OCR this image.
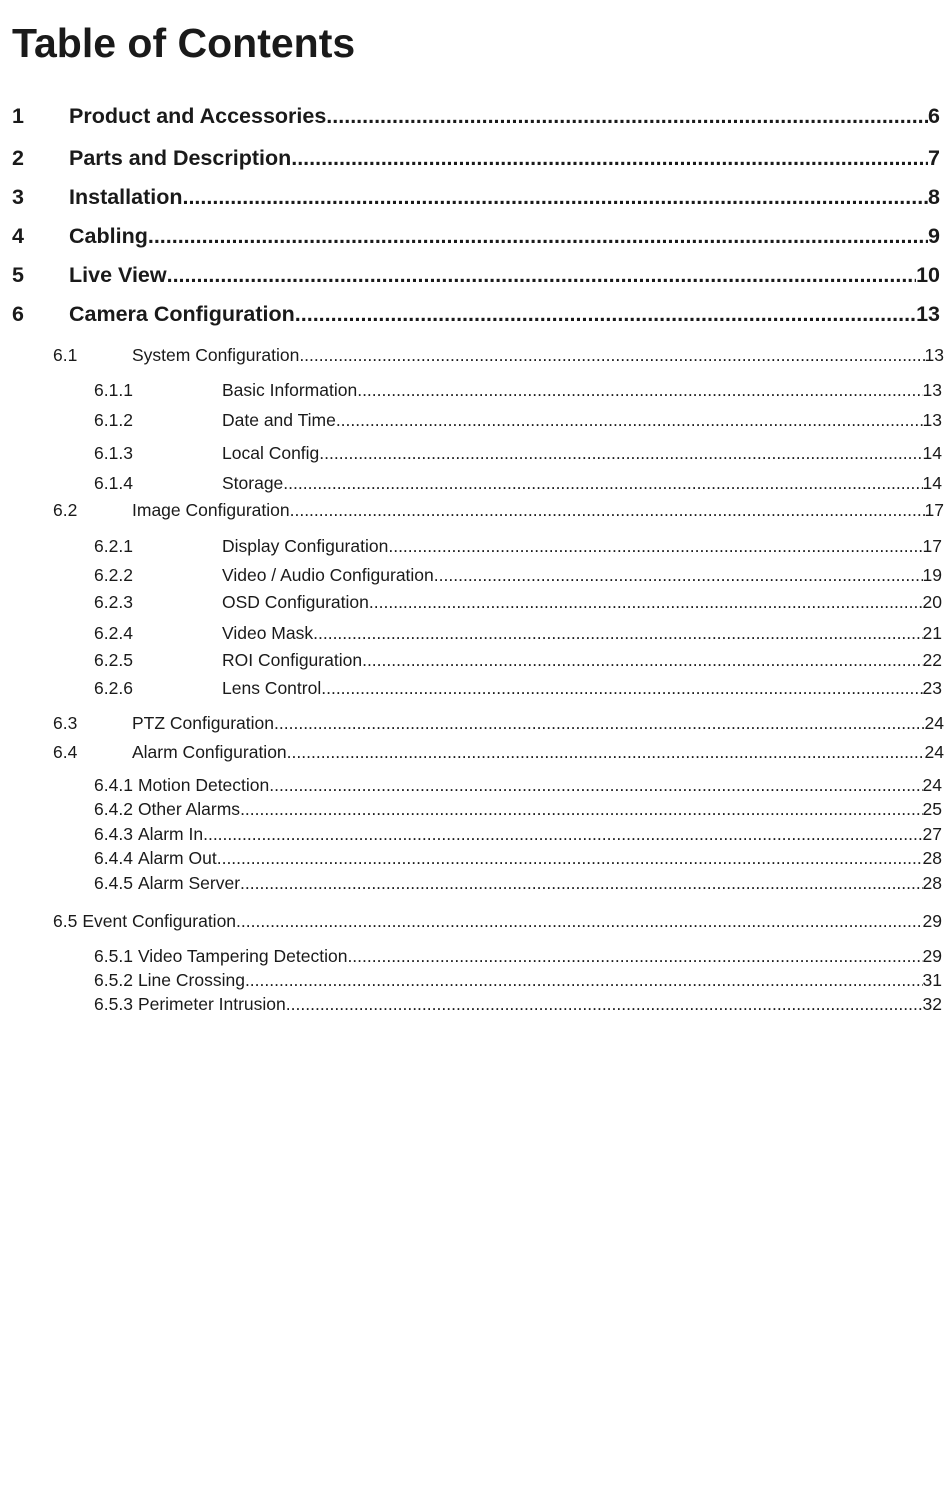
Table of Contents
1	Product and Accessories .....	6
2	Parts and Description .....	7
3	Installation .....	8
4	Cabling .....	9
5	Live View .....	10
6	Camera Configuration .....	13
6.1	System Configuration .....	13
6.1.1	Basic Information .....	13
6.1.2	Date and Time .....	13
6.1.3	Local Config .....	14
6.1.4	Storage .....	14
6.2	Image Configuration .....	17
6.2.1	Display Configuration .....	17
6.2.2	Video / Audio Configuration .....	19
6.2.3	OSD Configuration .....	20
6.2.4	Video Mask .....	21
6.2.5	ROI Configuration .....	22
6.2.6	Lens Control .....	23
6.3	PTZ Configuration .....	24
6.4	Alarm Configuration .....	24
6.4.1 Motion Detection .....	24
6.4.2 Other Alarms .....	25
6.4.3 Alarm In .....	27
6.4.4 Alarm Out .....	28
6.4.5 Alarm Server .....	28
6.5 Event Configuration .....	29
6.5.1 Video Tampering Detection .....	29
6.5.2 Line Crossing .....	31
6.5.3 Perimeter Intrusion .....	32
